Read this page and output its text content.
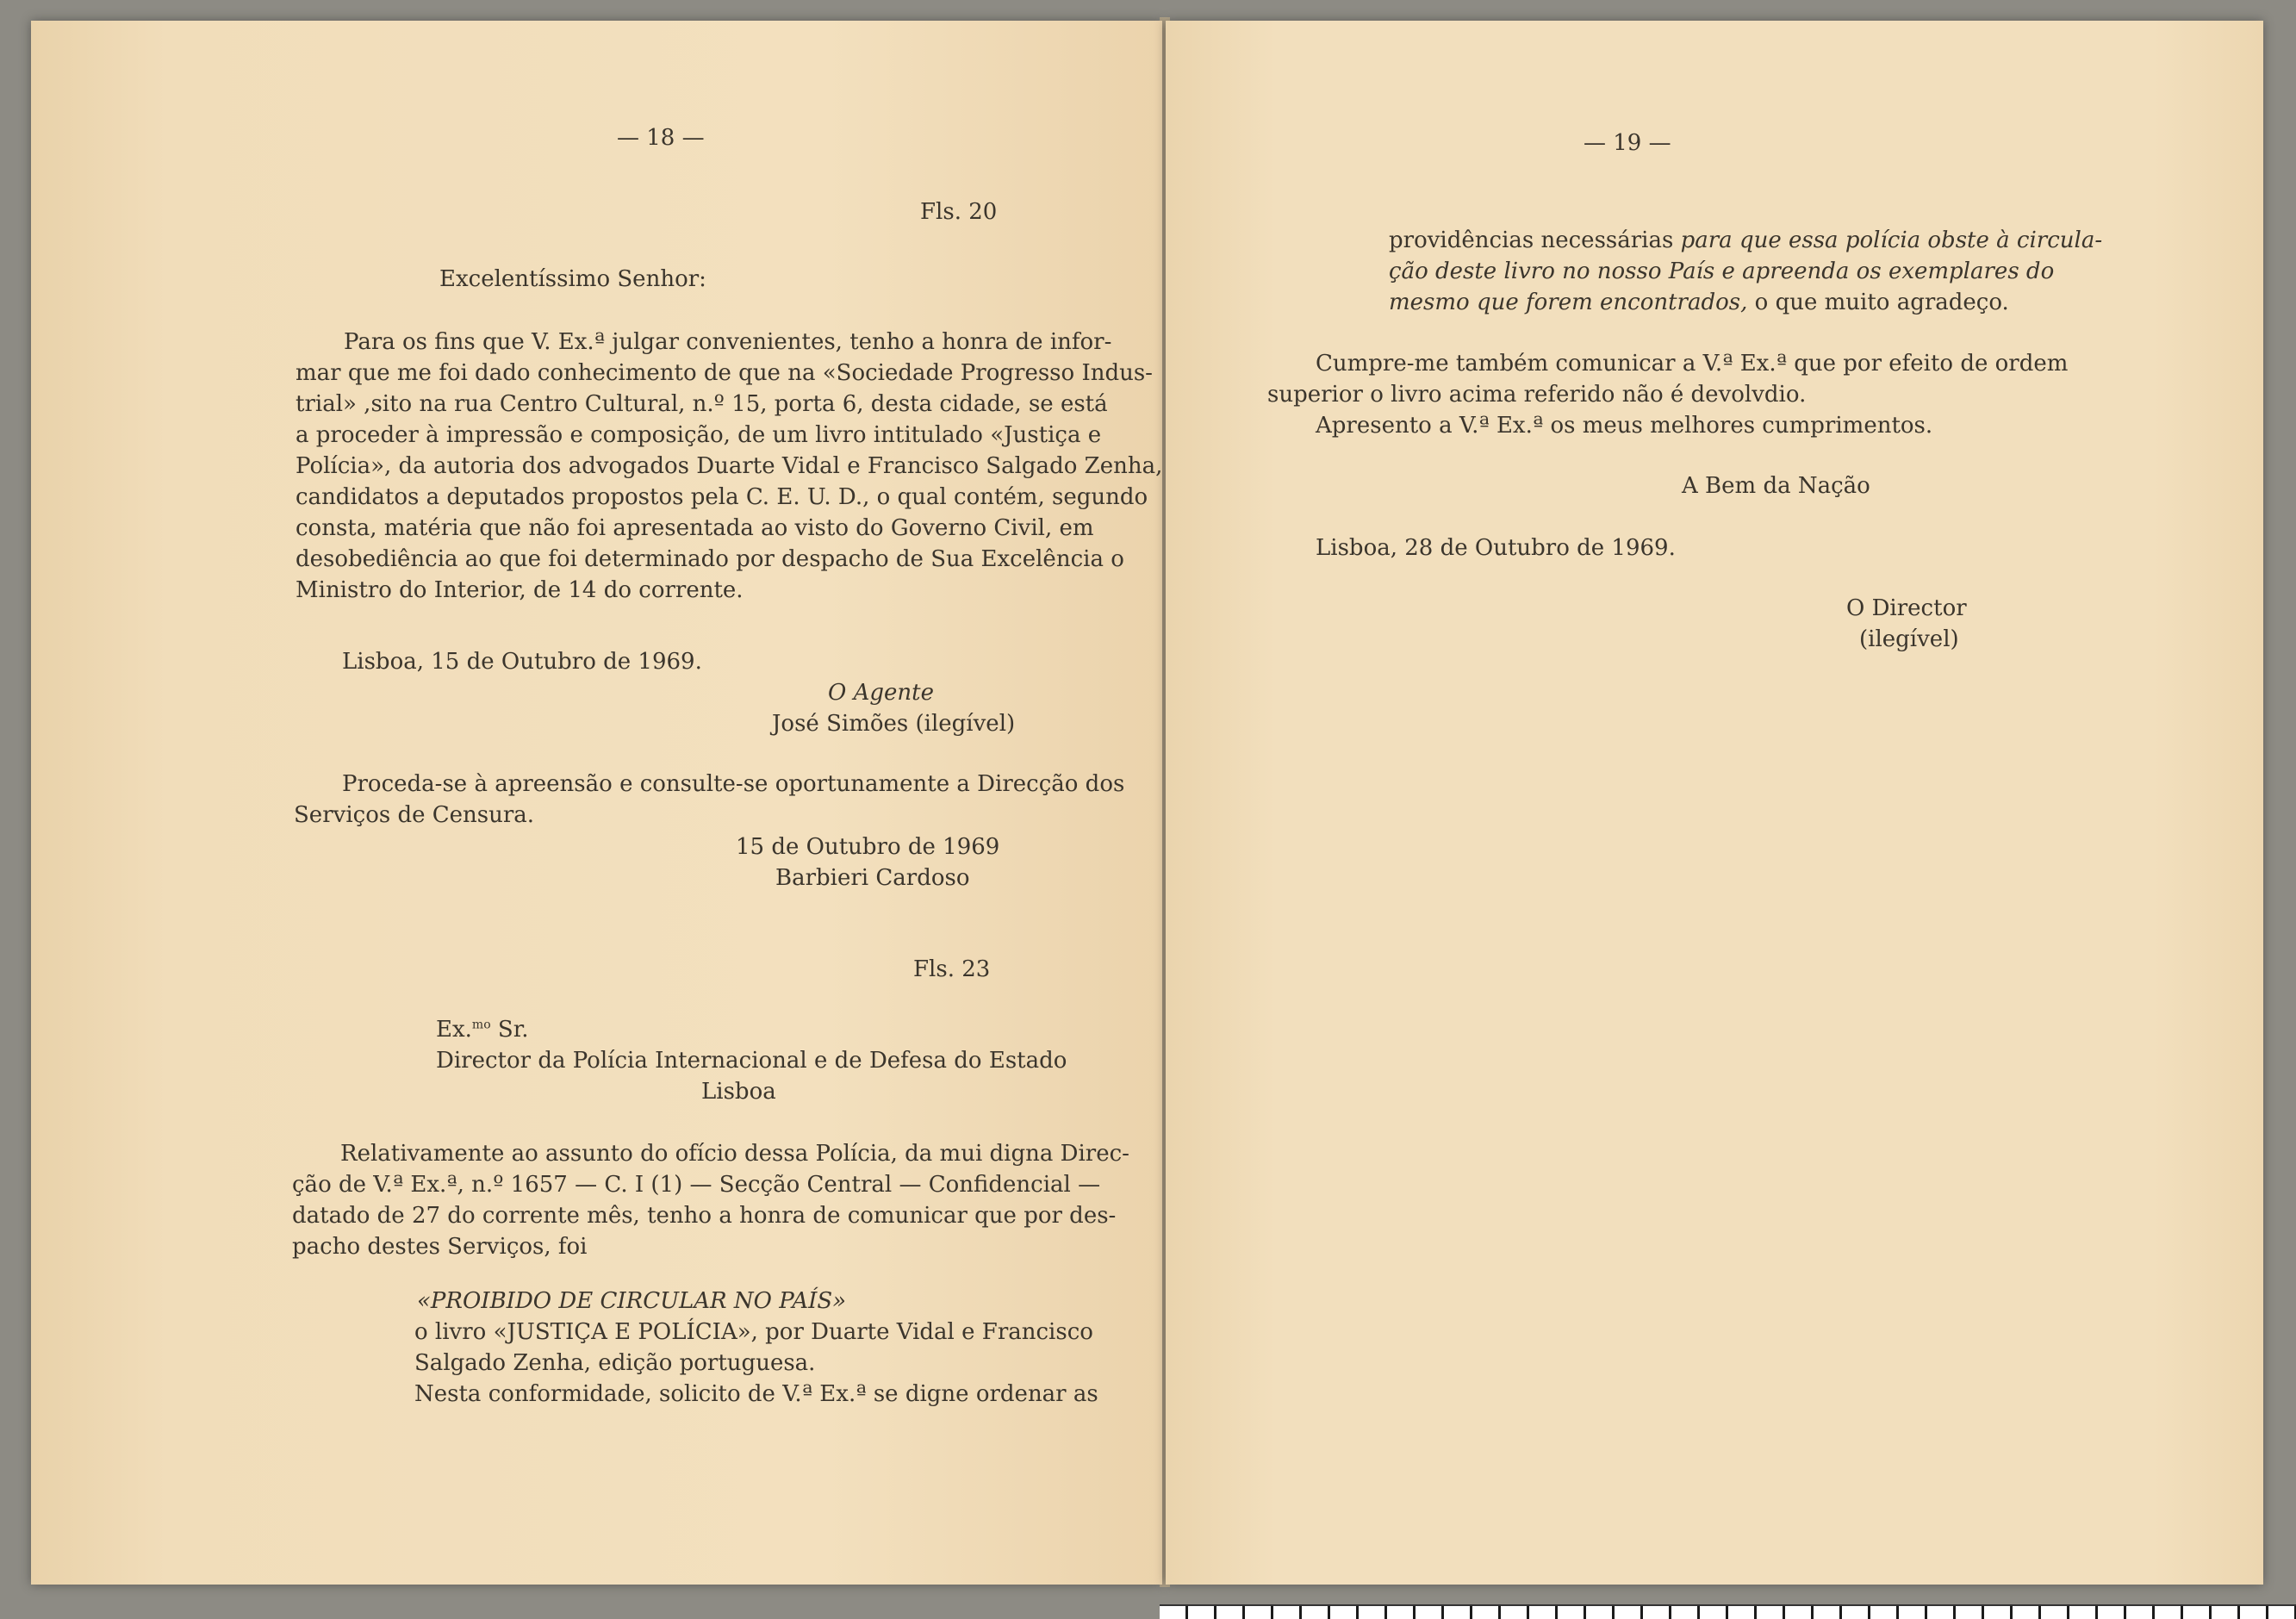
— 18 —
Fls. 20
Excelentíssimo Senhor:
Para os fins que V. Ex.ª julgar convenientes, tenho a honra de infor-
mar que me foi dado conhecimento de que na «Sociedade Progresso Indus-
trial» ,sito na rua Centro Cultural, n.º 15, porta 6, desta cidade, se está
a proceder à impressão e composição, de um livro intitulado «Justiça e
Polícia», da autoria dos advogados Duarte Vidal e Francisco Salgado Zenha,
candidatos a deputados propostos pela C. E. U. D., o qual contém, segundo
consta, matéria que não foi apresentada ao visto do Governo Civil, em
desobediência ao que foi determinado por despacho de Sua Excelência o
Ministro do Interior, de 14 do corrente.
Lisboa, 15 de Outubro de 1969.
O Agente
José Simões (ilegível)
Proceda-se à apreensão e consulte-se oportunamente a Direcção dos
Serviços de Censura.
15 de Outubro de 1969
Barbieri Cardoso
Fls. 23
Ex.$^{mo}$ Sr.
Director da Polícia Internacional e de Defesa do Estado
Lisboa
Relativamente ao assunto do ofício dessa Polícia, da mui digna Direc-
ção de V.ª Ex.ª, n.º 1657 — C. I (1) — Secção Central — Confidencial —
datado de 27 do corrente mês, tenho a honra de comunicar que por des-
pacho destes Serviços, foi
«PROIBIDO DE CIRCULAR NO PAÍS»
o livro «JUSTIÇA E POLÍCIA», por Duarte Vidal e Francisco
Salgado Zenha, edição portuguesa.
Nesta conformidade, solicito de V.ª Ex.ª se digne ordenar as
— 19 —
providências necessárias para que essa polícia obste à circula-
ção deste livro no nosso País e apreenda os exemplares do
mesmo que forem encontrados, o que muito agradeço.
Cumpre-me também comunicar a V.ª Ex.ª que por efeito de ordem
superior o livro acima referido não é devolvdio.
Apresento a V.ª Ex.ª os meus melhores cumprimentos.
A Bem da Nação
Lisboa, 28 de Outubro de 1969.
O Director
(ilegível)
